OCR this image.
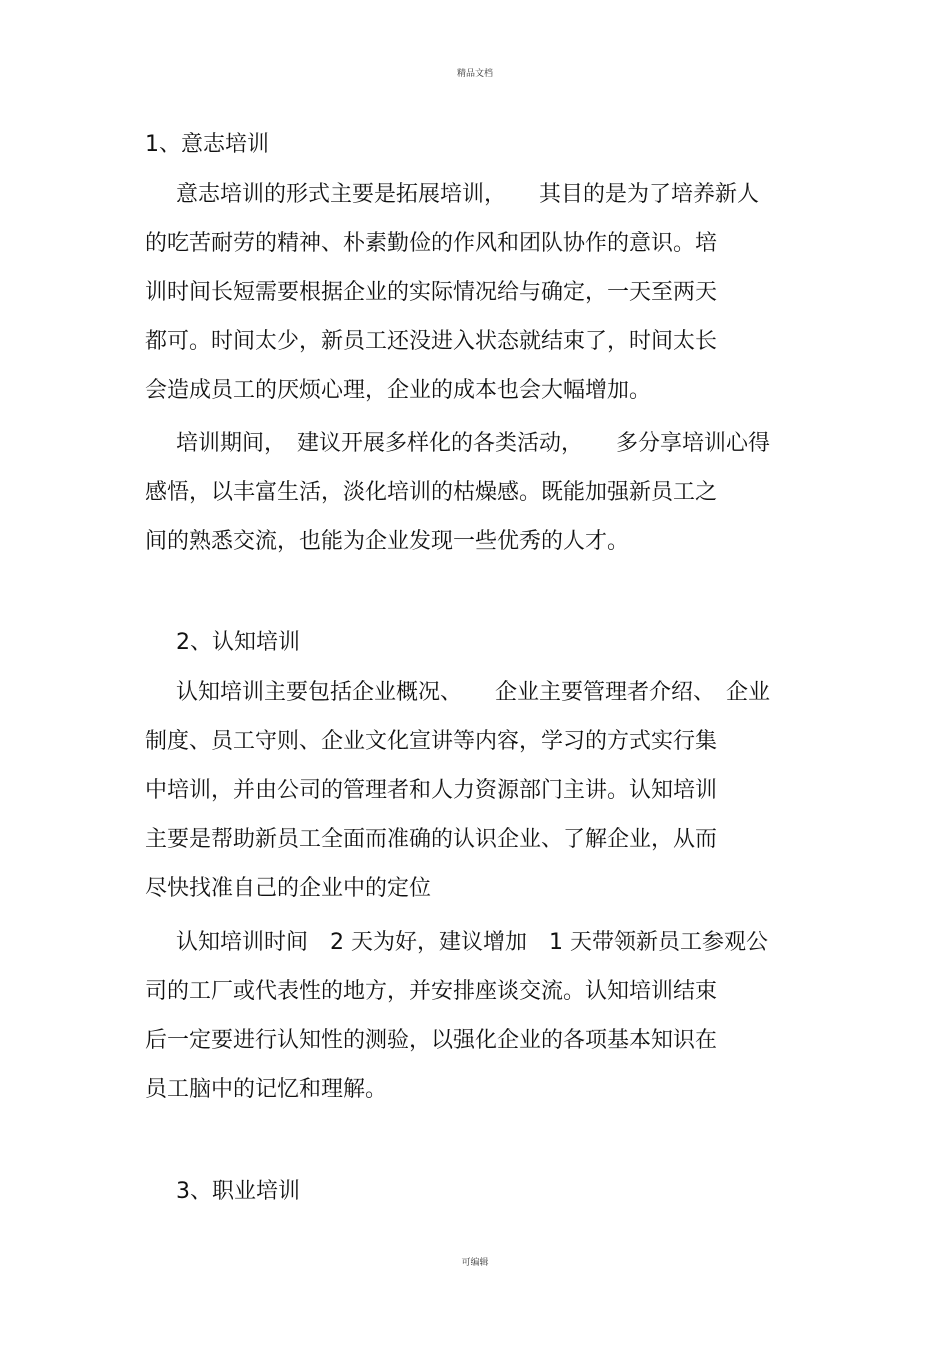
精品文档
1、意志培训
意志培训的形式主要是拓展培训，　　其目的是为了培养新人
的吃苦耐劳的精神、朴素勤俭的作风和团队协作的意识。培
训时间长短需要根据企业的实际情况给与确定，一天至两天
都可。时间太少，新员工还没进入状态就结束了，时间太长
会造成员工的厌烦心理，企业的成本也会大幅增加。
培训期间，　建议开展多样化的各类活动，　　多分享培训心得
感悟，以丰富生活，淡化培训的枯燥感。既能加强新员工之
间的熟悉交流，也能为企业发现一些优秀的人才。
2、认知培训
认知培训主要包括企业概况、　　企业主要管理者介绍、　企业
制度、员工守则、企业文化宣讲等内容，学习的方式实行集
中培训，并由公司的管理者和人力资源部门主讲。认知培训
主要是帮助新员工全面而准确的认识企业、了解企业，从而
尽快找准自己的企业中的定位
认知培训时间　2 天为好，建议增加　1 天带领新员工参观公
司的工厂或代表性的地方，并安排座谈交流。认知培训结束
后一定要进行认知性的测验，以强化企业的各项基本知识在
员工脑中的记忆和理解。
3、职业培训
可编辑
